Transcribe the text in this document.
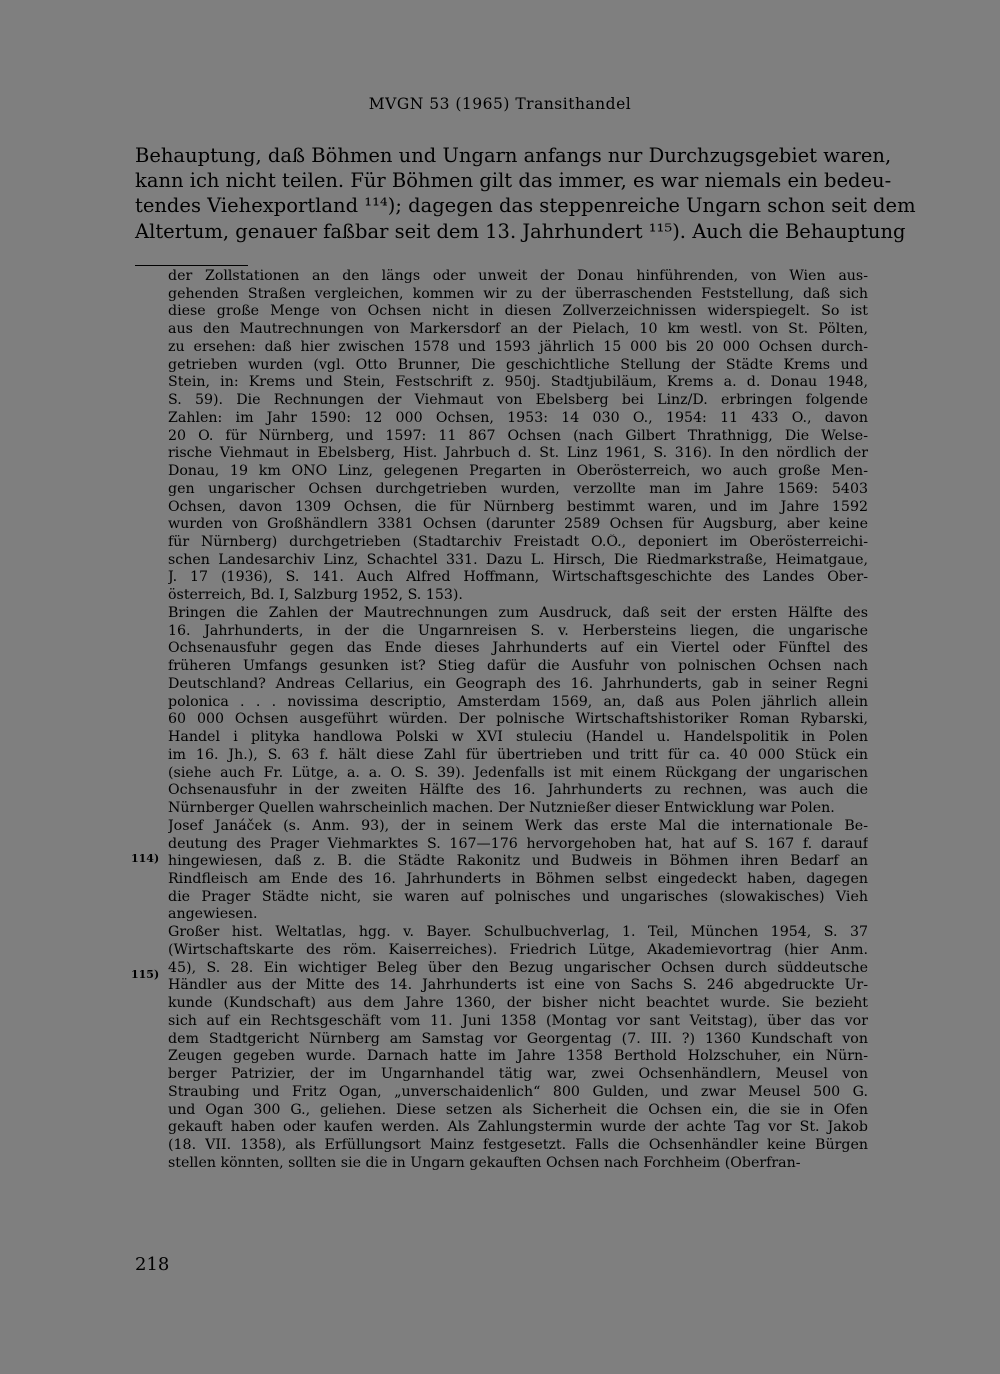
MVGN 53 (1965) Transithandel
Behauptung, daß Böhmen und Ungarn anfangs nur Durchzugsgebiet waren,
kann ich nicht teilen. Für Böhmen gilt das immer, es war niemals ein bedeu-
tendes Viehexportland ¹¹⁴); dagegen das steppenreiche Ungarn schon seit dem
Altertum, genauer faßbar seit dem 13. Jahrhundert ¹¹⁵). Auch die Behauptung
114)
115)
der Zollstationen an den längs oder unweit der Donau hinführenden, von Wien aus-
gehenden Straßen vergleichen, kommen wir zu der überraschenden Feststellung, daß sich
diese große Menge von Ochsen nicht in diesen Zollverzeichnissen widerspiegelt. So ist
aus den Mautrechnungen von Markersdorf an der Pielach, 10 km westl. von St. Pölten,
zu ersehen: daß hier zwischen 1578 und 1593 jährlich 15 000 bis 20 000 Ochsen durch-
getrieben wurden (vgl. Otto Brunner, Die geschichtliche Stellung der Städte Krems und
Stein, in: Krems und Stein, Festschrift z. 950j. Stadtjubiläum, Krems a. d. Donau 1948,
S. 59). Die Rechnungen der Viehmaut von Ebelsberg bei Linz/D. erbringen folgende
Zahlen: im Jahr 1590: 12 000 Ochsen, 1953: 14 030 O., 1954: 11 433 O., davon
20 O. für Nürnberg, und 1597: 11 867 Ochsen (nach Gilbert Thrathnigg, Die Welse-
rische Viehmaut in Ebelsberg, Hist. Jahrbuch d. St. Linz 1961, S. 316). In den nördlich der
Donau, 19 km ONO Linz, gelegenen Pregarten in Oberösterreich, wo auch große Men-
gen ungarischer Ochsen durchgetrieben wurden, verzollte man im Jahre 1569: 5403
Ochsen, davon 1309 Ochsen, die für Nürnberg bestimmt waren, und im Jahre 1592
wurden von Großhändlern 3381 Ochsen (darunter 2589 Ochsen für Augsburg, aber keine
für Nürnberg) durchgetrieben (Stadtarchiv Freistadt O.Ö., deponiert im Oberösterreichi-
schen Landesarchiv Linz, Schachtel 331. Dazu L. Hirsch, Die Riedmarkstraße, Heimatgaue,
J. 17 (1936), S. 141. Auch Alfred Hoffmann, Wirtschaftsgeschichte des Landes Ober-
österreich, Bd. I, Salzburg 1952, S. 153).
Bringen die Zahlen der Mautrechnungen zum Ausdruck, daß seit der ersten Hälfte des
16. Jahrhunderts, in der die Ungarnreisen S. v. Herbersteins liegen, die ungarische
Ochsenausfuhr gegen das Ende dieses Jahrhunderts auf ein Viertel oder Fünftel des
früheren Umfangs gesunken ist? Stieg dafür die Ausfuhr von polnischen Ochsen nach
Deutschland? Andreas Cellarius, ein Geograph des 16. Jahrhunderts, gab in seiner Regni
polonica . . . novissima descriptio, Amsterdam 1569, an, daß aus Polen jährlich allein
60 000 Ochsen ausgeführt würden. Der polnische Wirtschaftshistoriker Roman Rybarski,
Handel i plityka handlowa Polski w XVI stuleciu (Handel u. Handelspolitik in Polen
im 16. Jh.), S. 63 f. hält diese Zahl für übertrieben und tritt für ca. 40 000 Stück ein
(siehe auch Fr. Lütge, a. a. O. S. 39). Jedenfalls ist mit einem Rückgang der ungarischen
Ochsenausfuhr in der zweiten Hälfte des 16. Jahrhunderts zu rechnen, was auch die
Nürnberger Quellen wahrscheinlich machen. Der Nutznießer dieser Entwicklung war Polen.
Josef Janáček (s. Anm. 93), der in seinem Werk das erste Mal die internationale Be-
deutung des Prager Viehmarktes S. 167—176 hervorgehoben hat, hat auf S. 167 f. darauf
hingewiesen, daß z. B. die Städte Rakonitz und Budweis in Böhmen ihren Bedarf an
Rindfleisch am Ende des 16. Jahrhunderts in Böhmen selbst eingedeckt haben, dagegen
die Prager Städte nicht, sie waren auf polnisches und ungarisches (slowakisches) Vieh
angewiesen.
Großer hist. Weltatlas, hgg. v. Bayer. Schulbuchverlag, 1. Teil, München 1954, S. 37
(Wirtschaftskarte des röm. Kaiserreiches). Friedrich Lütge, Akademievortrag (hier Anm.
45), S. 28. Ein wichtiger Beleg über den Bezug ungarischer Ochsen durch süddeutsche
Händler aus der Mitte des 14. Jahrhunderts ist eine von Sachs S. 246 abgedruckte Ur-
kunde (Kundschaft) aus dem Jahre 1360, der bisher nicht beachtet wurde. Sie bezieht
sich auf ein Rechtsgeschäft vom 11. Juni 1358 (Montag vor sant Veitstag), über das vor
dem Stadtgericht Nürnberg am Samstag vor Georgentag (7. III. ?) 1360 Kundschaft von
Zeugen gegeben wurde. Darnach hatte im Jahre 1358 Berthold Holzschuher, ein Nürn-
berger Patrizier, der im Ungarnhandel tätig war, zwei Ochsenhändlern, Meusel von
Straubing und Fritz Ogan, „unverschaidenlich“ 800 Gulden, und zwar Meusel 500 G.
und Ogan 300 G., geliehen. Diese setzen als Sicherheit die Ochsen ein, die sie in Ofen
gekauft haben oder kaufen werden. Als Zahlungstermin wurde der achte Tag vor St. Jakob
(18. VII. 1358), als Erfüllungsort Mainz festgesetzt. Falls die Ochsenhändler keine Bürgen
stellen könnten, sollten sie die in Ungarn gekauften Ochsen nach Forchheim (Oberfran-
218
